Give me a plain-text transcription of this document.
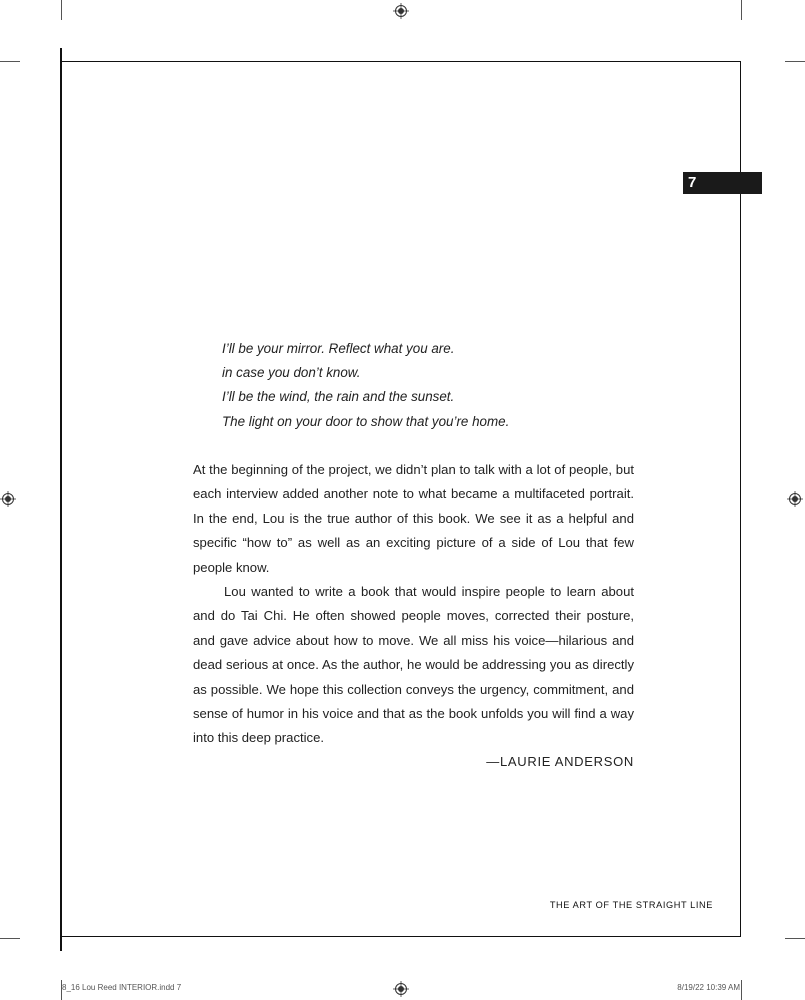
7
I’ll be your mirror. Reflect what you are.
in case you don’t know.
I’ll be the wind, the rain and the sunset.
The light on your door to show that you’re home.

At the beginning of the project, we didn’t plan to talk with a lot of people, but each interview added another note to what became a multifaceted portrait. In the end, Lou is the true author of this book. We see it as a helpful and specific “how to” as well as an exciting picture of a side of Lou that few people know.

Lou wanted to write a book that would inspire people to learn about and do Tai Chi. He often showed people moves, corrected their posture, and gave advice about how to move. We all miss his voice—hilarious and dead serious at once. As the author, he would be addressing you as directly as possible. We hope this collection conveys the urgency, commitment, and sense of humor in his voice and that as the book unfolds you will find a way into this deep practice.

—LAURIE ANDERSON
THE ART OF THE STRAIGHT LINE
8_16 Lou Reed INTERIOR.indd 7	8/19/22 10:39 AM
